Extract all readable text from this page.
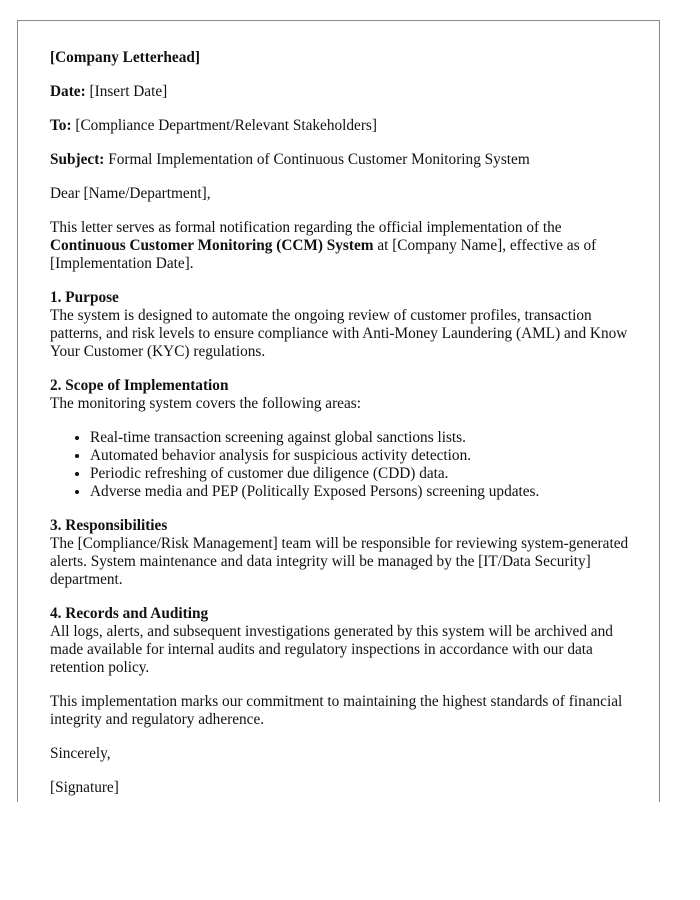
[Company Letterhead]

Date: [Insert Date]

To: [Compliance Department/Relevant Stakeholders]

Subject: Formal Implementation of Continuous Customer Monitoring System

Dear [Name/Department],

This letter serves as formal notification regarding the official implementation of the Continuous Customer Monitoring (CCM) System at [Company Name], effective as of [Implementation Date].

1. Purpose

The system is designed to automate the ongoing review of customer profiles, transaction patterns, and risk levels to ensure compliance with Anti-Money Laundering (AML) and Know Your Customer (KYC) regulations.

2. Scope of Implementation

The monitoring system covers the following areas:

• Real-time transaction screening against global sanctions lists.
• Automated behavior analysis for suspicious activity detection.
• Periodic refreshing of customer due diligence (CDD) data.
• Adverse media and PEP (Politically Exposed Persons) screening updates.
3. Responsibilities

The [Compliance/Risk Management] team will be responsible for reviewing system-generated alerts. System maintenance and data integrity will be managed by the [IT/Data Security] department.

4. Records and Auditing

All logs, alerts, and subsequent investigations generated by this system will be archived and made available for internal audits and regulatory inspections in accordance with our data retention policy.

This implementation marks our commitment to maintaining the highest standards of financial integrity and regulatory adherence.

Sincerely,

[Signature]
